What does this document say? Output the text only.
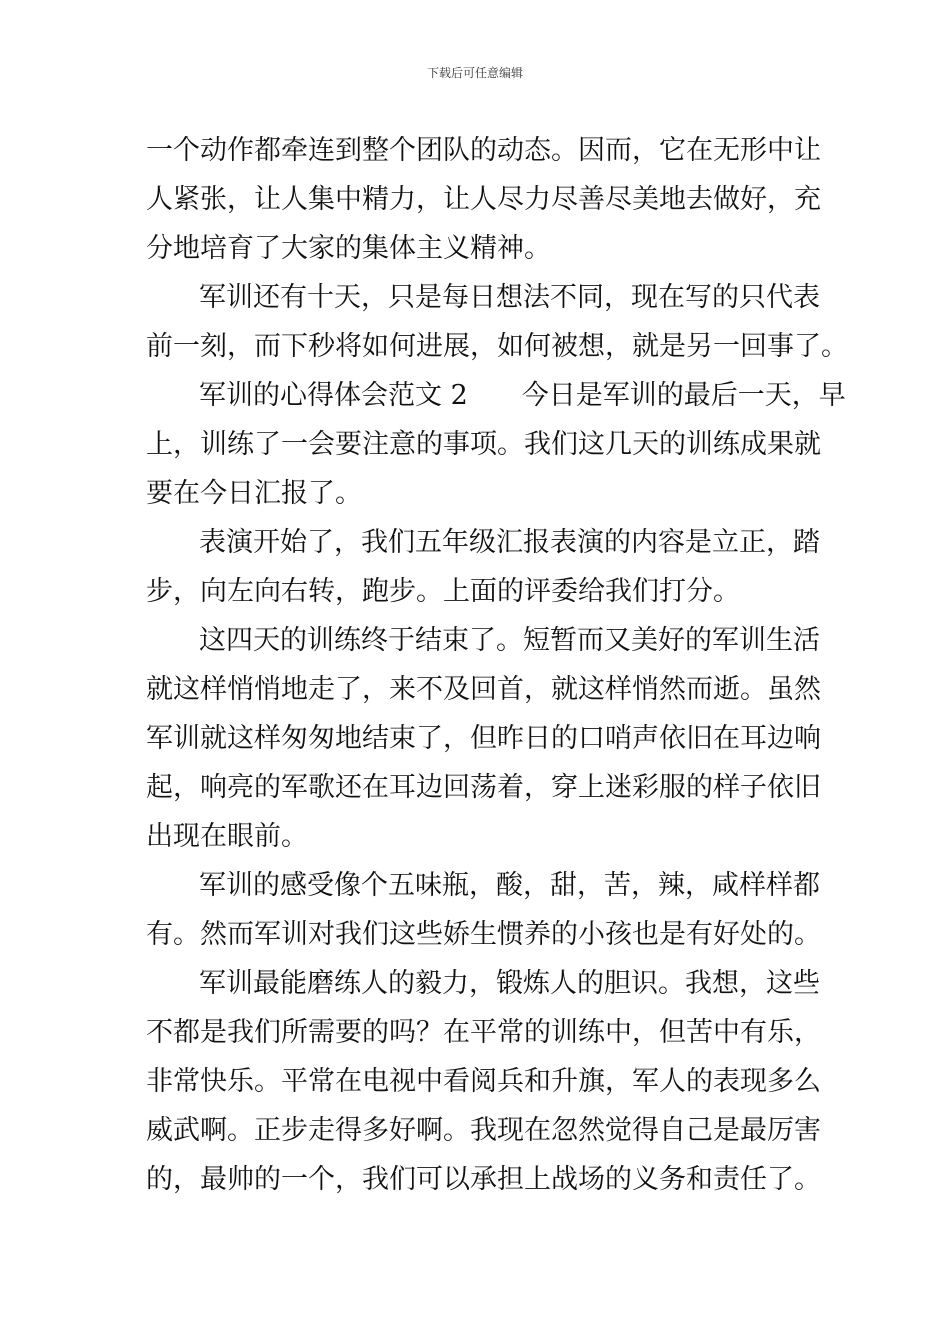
下载后可任意编辑
一个动作都牵连到整个团队的动态。因而，它在无形中让
人紧张，让人集中精力，让人尽力尽善尽美地去做好，充
分地培育了大家的集体主义精神。
军训还有十天，只是每日想法不同，现在写的只代表
前一刻，而下秒将如何进展，如何被想，就是另一回事了。
军训的心得体会范文 2　　今日是军训的最后一天，早
上，训练了一会要注意的事项。我们这几天的训练成果就
要在今日汇报了。
表演开始了，我们五年级汇报表演的内容是立正，踏
步，向左向右转，跑步。上面的评委给我们打分。
这四天的训练终于结束了。短暂而又美好的军训生活
就这样悄悄地走了，来不及回首，就这样悄然而逝。虽然
军训就这样匆匆地结束了，但昨日的口哨声依旧在耳边响
起，响亮的军歌还在耳边回荡着，穿上迷彩服的样子依旧
出现在眼前。
军训的感受像个五味瓶，酸，甜，苦，辣，咸样样都
有。然而军训对我们这些娇生惯养的小孩也是有好处的。
军训最能磨练人的毅力，锻炼人的胆识。我想，这些
不都是我们所需要的吗？在平常的训练中，但苦中有乐，
非常快乐。平常在电视中看阅兵和升旗，军人的表现多么
威武啊。正步走得多好啊。我现在忽然觉得自己是最厉害
的，最帅的一个，我们可以承担上战场的义务和责任了。
